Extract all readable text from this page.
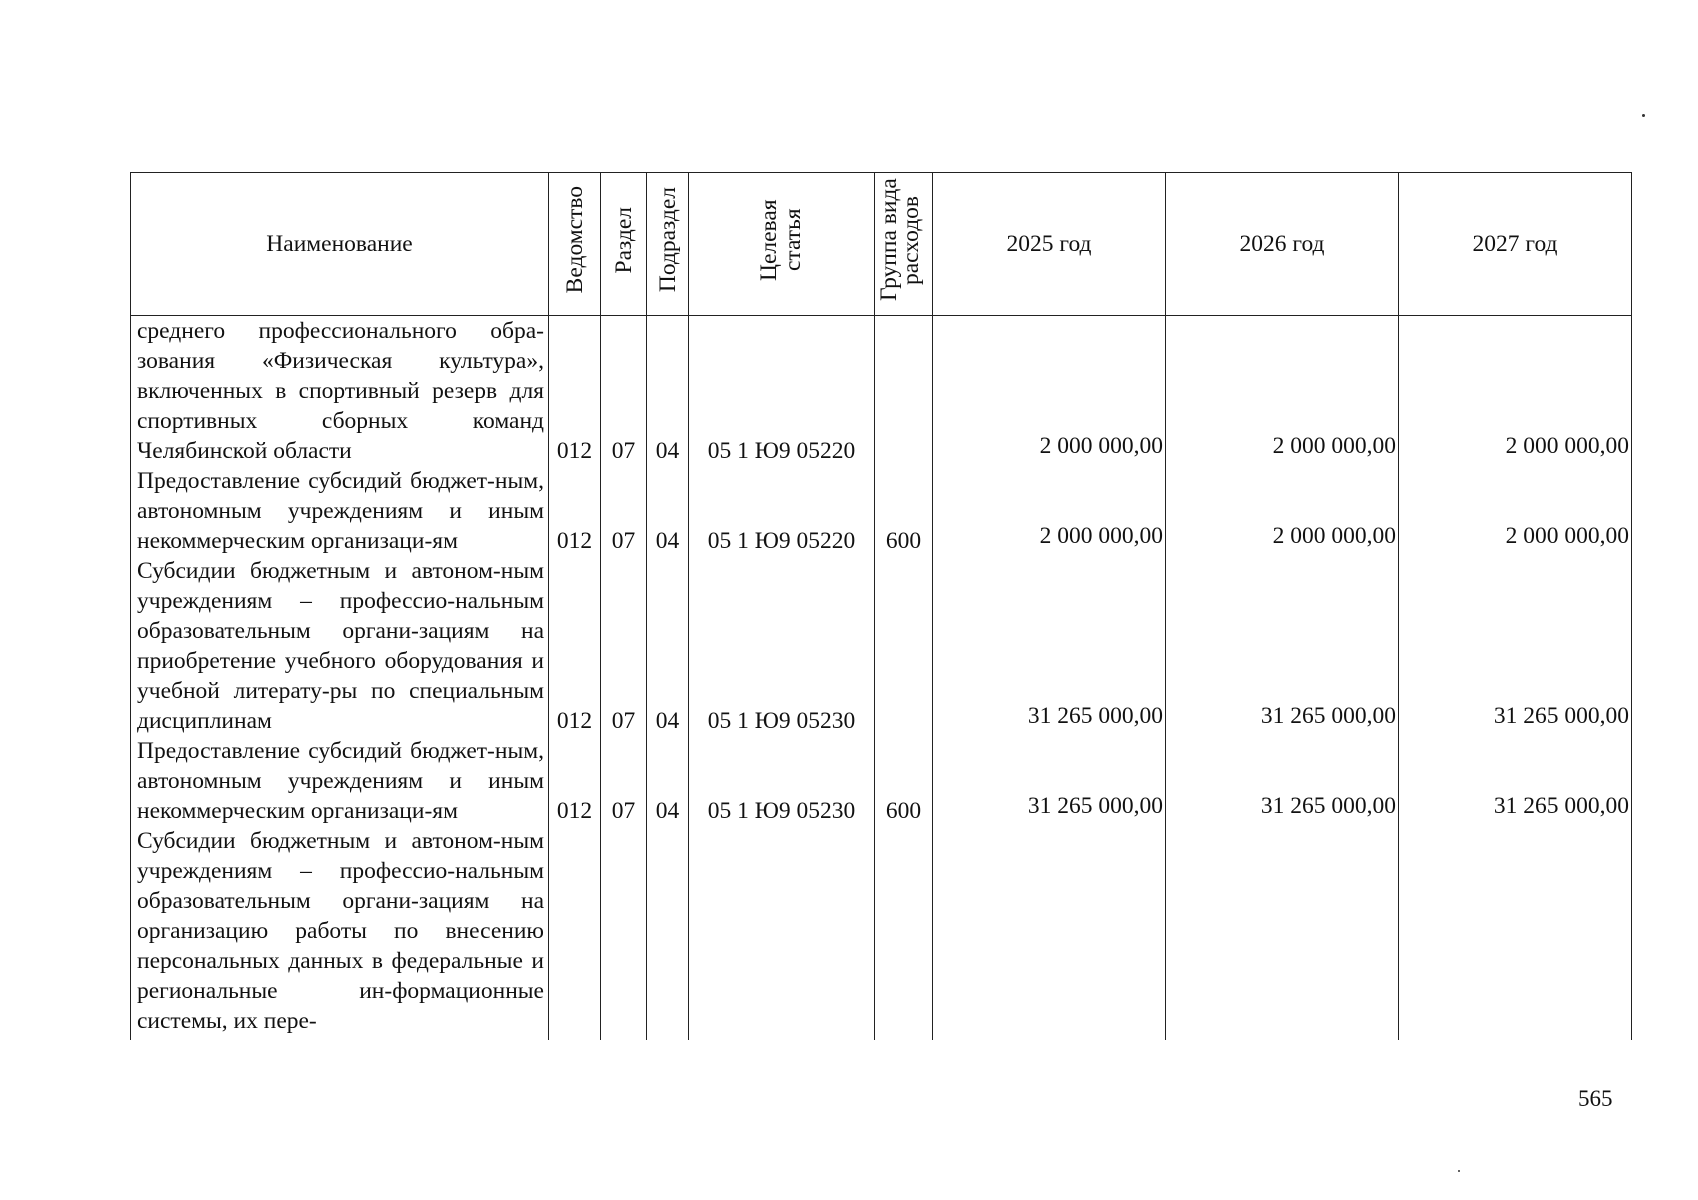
Наименование	Ведомство	Раздел	Подраздел	Целевая статья	Группа вида расходов	2025 год	2026 год	2027 год
среднего профессионального обра-зования «Физическая культура», включенных в спортивный резерв для спортивных сборных команд Челябинской области	012	07	04	05 1 Ю9 05220		2 000 000,00	2 000 000,00	2 000 000,00
Предоставление субсидий бюджет-ным, автономным учреждениям и иным некоммерческим организаци-ям	012	07	04	05 1 Ю9 05220	600	2 000 000,00	2 000 000,00	2 000 000,00
Субсидии бюджетным и автоном-ным учреждениям – профессио-нальным образовательным органи-зациям на приобретение учебного оборудования и учебной литерату-ры по специальным дисциплинам	012	07	04	05 1 Ю9 05230		31 265 000,00	31 265 000,00	31 265 000,00
Предоставление субсидий бюджет-ным, автономным учреждениям и иным некоммерческим организаци-ям	012	07	04	05 1 Ю9 05230	600	31 265 000,00	31 265 000,00	31 265 000,00
Субсидии бюджетным и автоном-ным учреждениям – профессио-нальным образовательным органи-зациям на организацию работы по внесению персональных данных в федеральные и региональные ин-формационные системы, их пере-								
565
